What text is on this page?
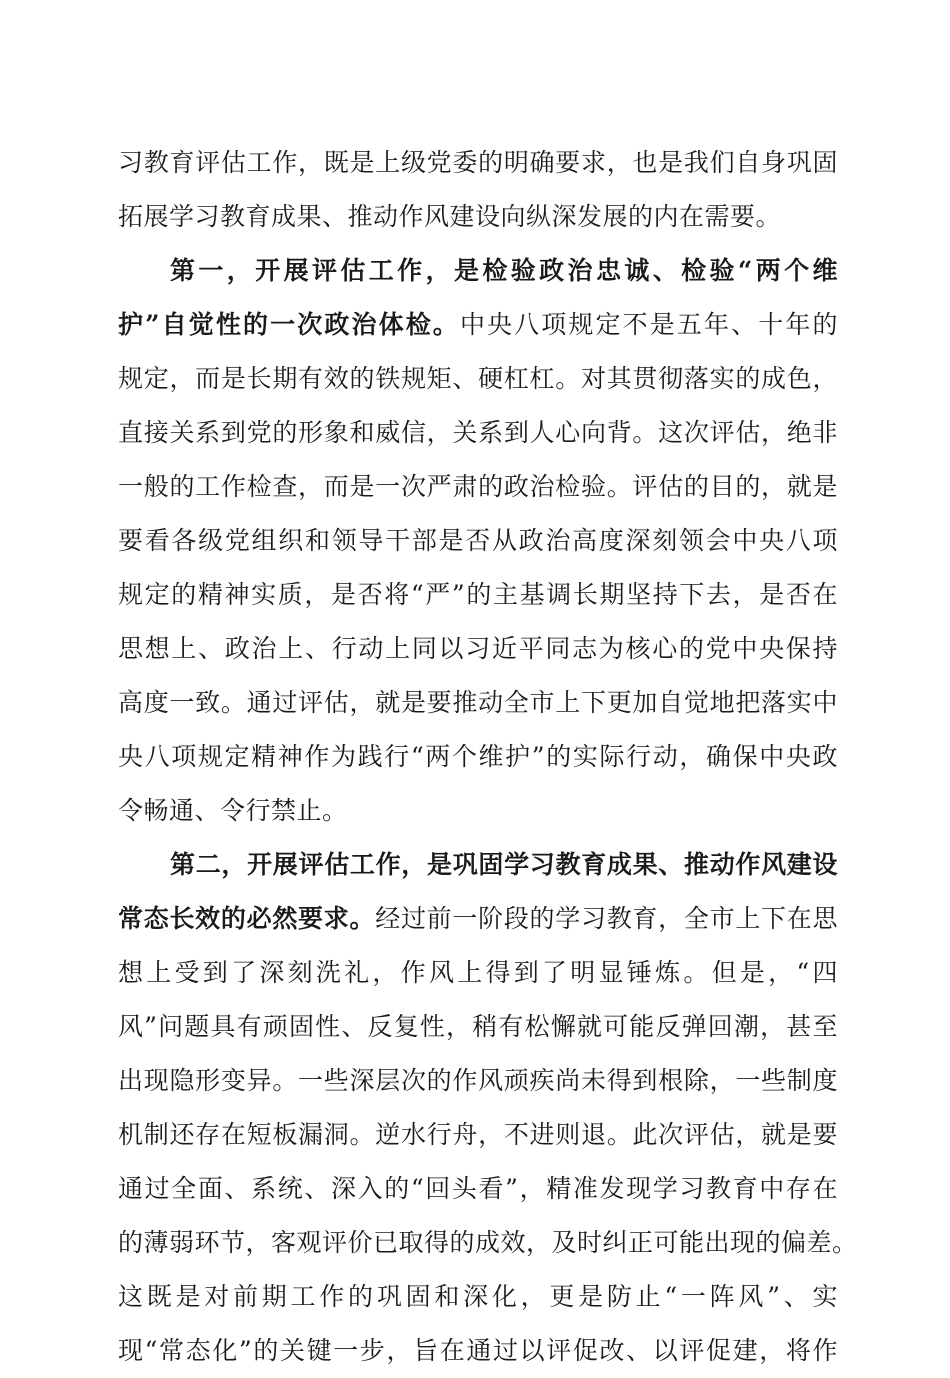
习教育评估工作，既是上级党委的明确要求，也是我们自身巩固
拓展学习教育成果、推动作风建设向纵深发展的内在需要。
第一，开展评估工作，是检验政治忠诚、检验“两个维
护”自觉性的一次政治体检。中央八项规定不是五年、十年的
规定，而是长期有效的铁规矩、硬杠杠。对其贯彻落实的成色，
直接关系到党的形象和威信，关系到人心向背。这次评估，绝非
一般的工作检查，而是一次严肃的政治检验。评估的目的，就是
要看各级党组织和领导干部是否从政治高度深刻领会中央八项
规定的精神实质，是否将“严”的主基调长期坚持下去，是否在
思想上、政治上、行动上同以习近平同志为核心的党中央保持
高度一致。通过评估，就是要推动全市上下更加自觉地把落实中
央八项规定精神作为践行“两个维护”的实际行动，确保中央政
令畅通、令行禁止。
第二，开展评估工作，是巩固学习教育成果、推动作风建设
常态长效的必然要求。经过前一阶段的学习教育，全市上下在思
想上受到了深刻洗礼，作风上得到了明显锤炼。但是，“四
风”问题具有顽固性、反复性，稍有松懈就可能反弹回潮，甚至
出现隐形变异。一些深层次的作风顽疾尚未得到根除，一些制度
机制还存在短板漏洞。逆水行舟，不进则退。此次评估，就是要
通过全面、系统、深入的“回头看”，精准发现学习教育中存在
的薄弱环节，客观评价已取得的成效，及时纠正可能出现的偏差。
这既是对前期工作的巩固和深化，更是防止“一阵风”、实
现“常态化”的关键一步，旨在通过以评促改、以评促建，将作
